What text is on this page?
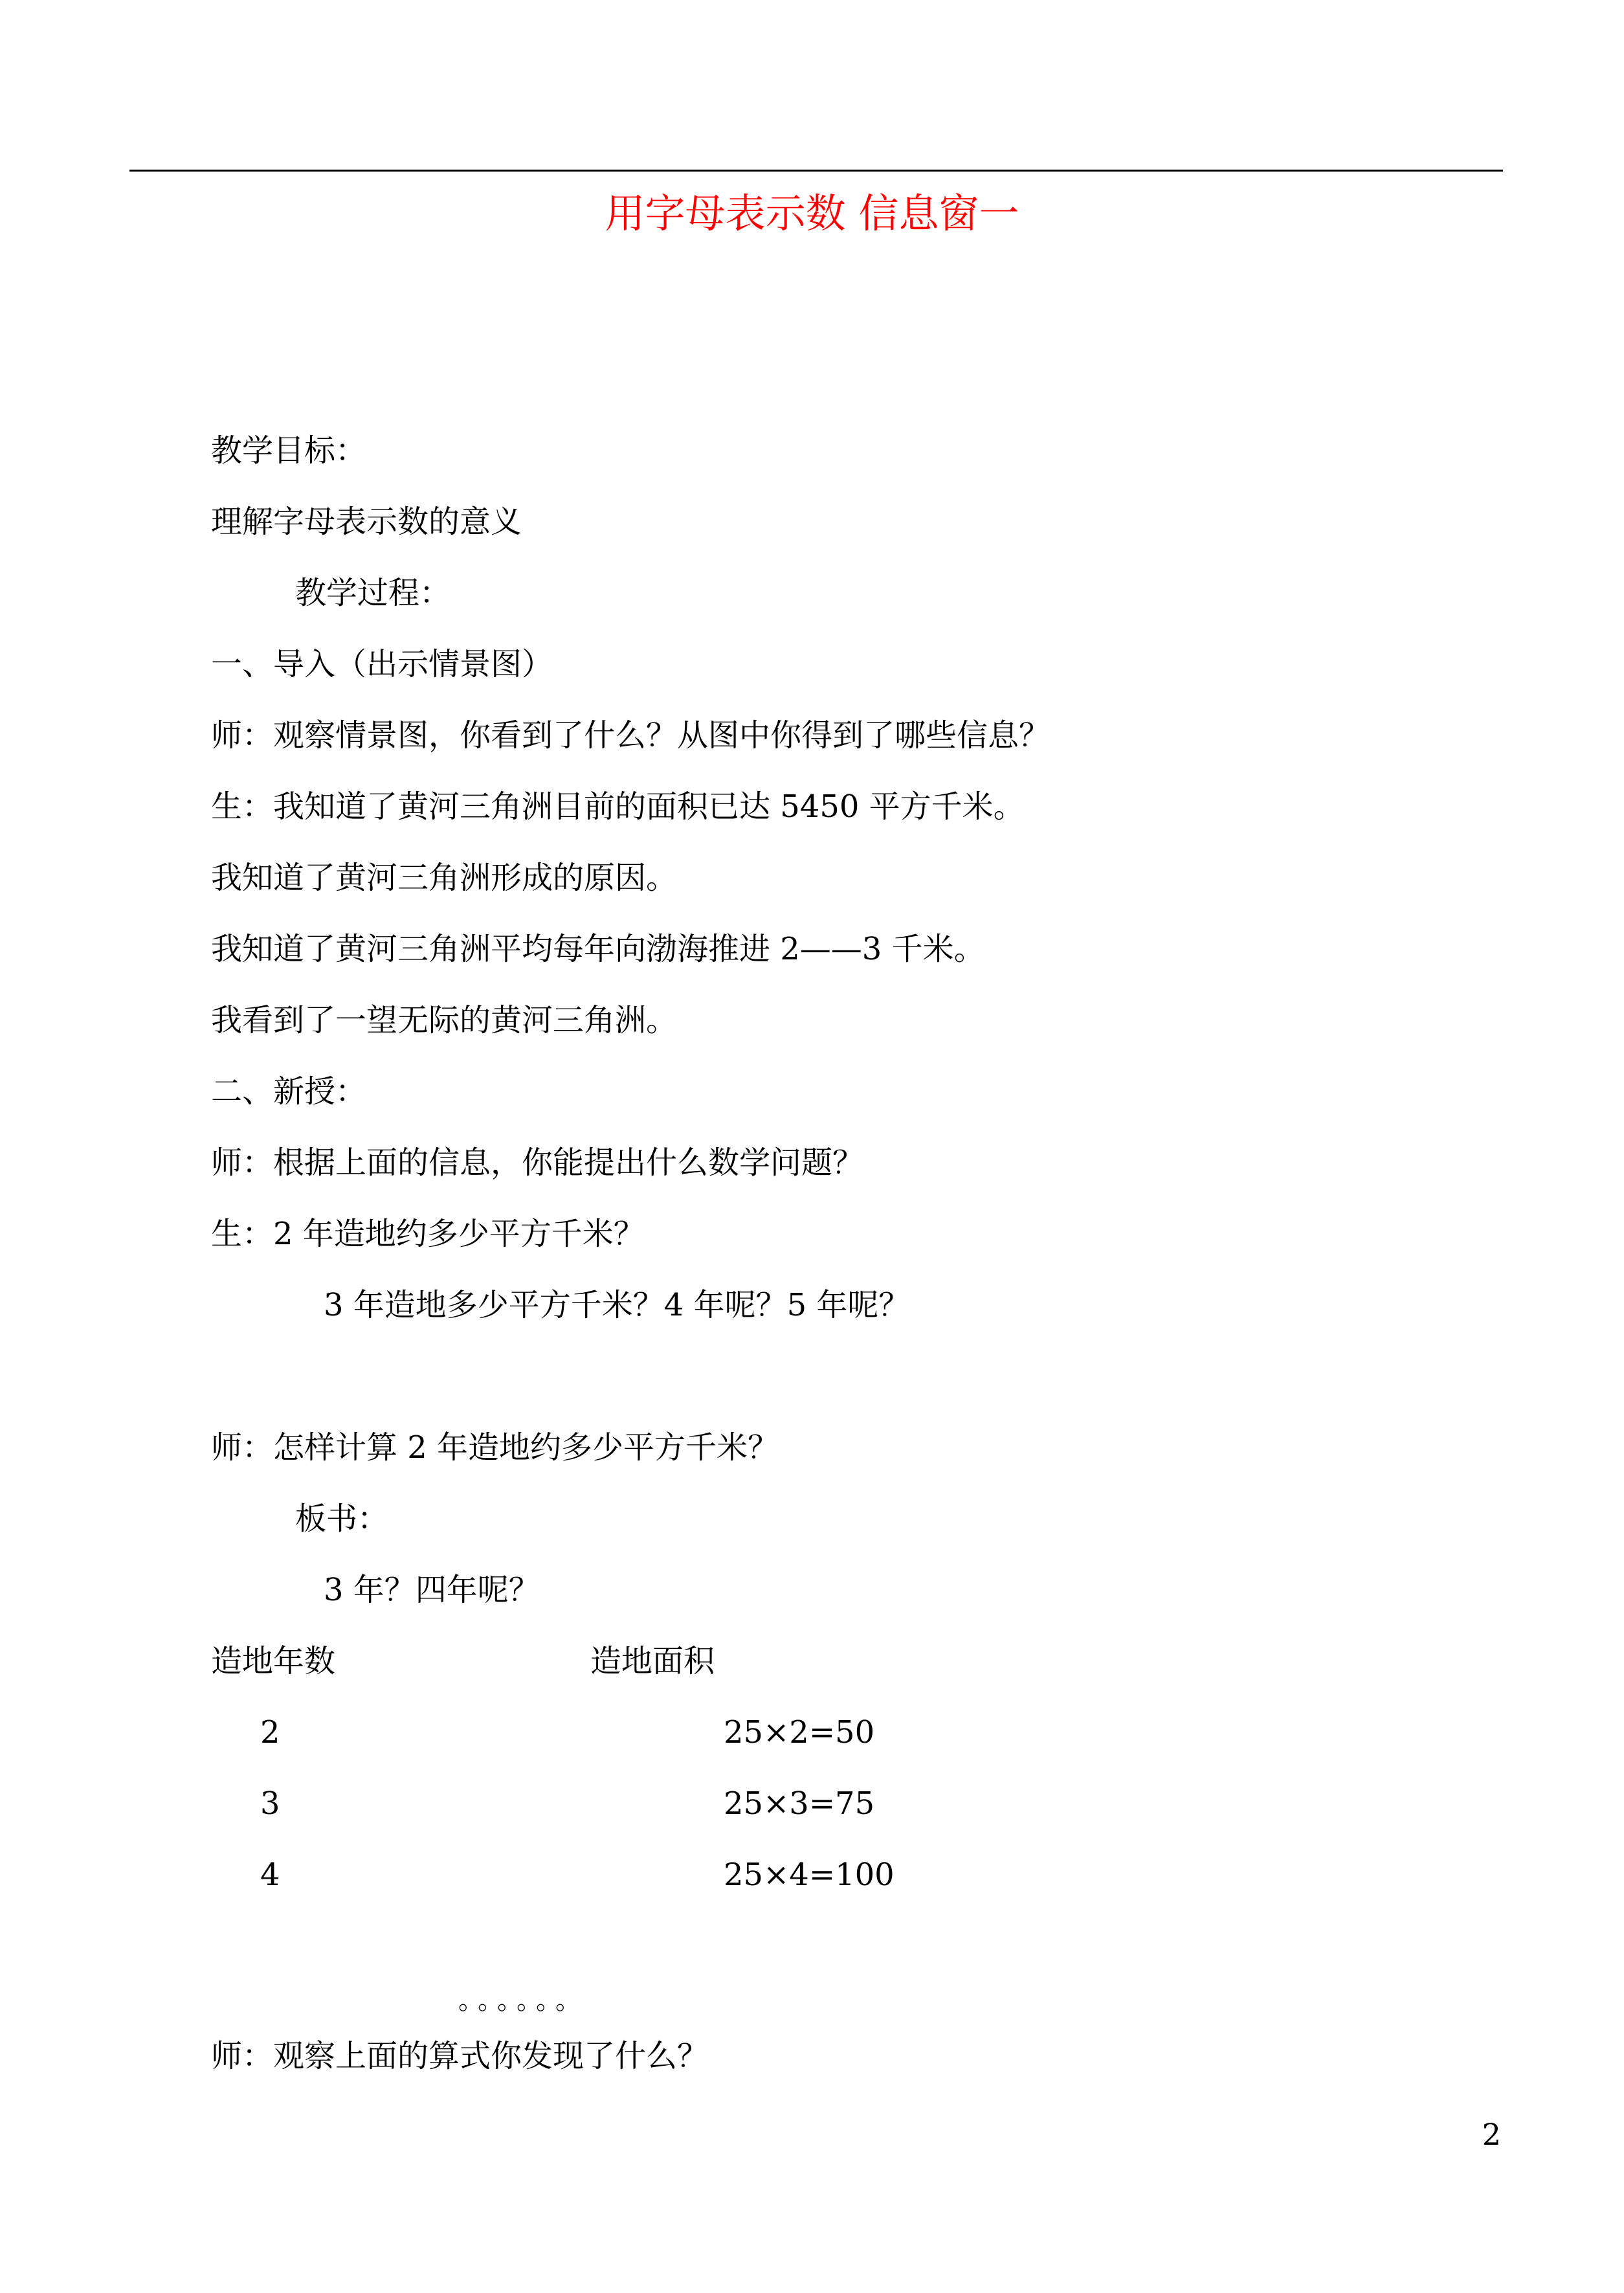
用字母表示数 信息窗一
教学目标：
理解字母表示数的意义
教学过程：
一、导入（出示情景图）
师：观察情景图，你看到了什么？从图中你得到了哪些信息？
生：我知道了黄河三角洲目前的面积已达 5450 平方千米。
我知道了黄河三角洲形成的原因。
我知道了黄河三角洲平均每年向渤海推进 2——3 千米。
我看到了一望无际的黄河三角洲。
二、新授：
师：根据上面的信息，你能提出什么数学问题？
生：2 年造地约多少平方千米？
3 年造地多少平方千米？4 年呢？5 年呢？
师：怎样计算 2 年造地约多少平方千米？
板书：
3 年？四年呢？
造地年数	造地面积
2	25×2=50
3	25×3=75
4	25×4=100
。。。。。。
师：观察上面的算式你发现了什么？
2
